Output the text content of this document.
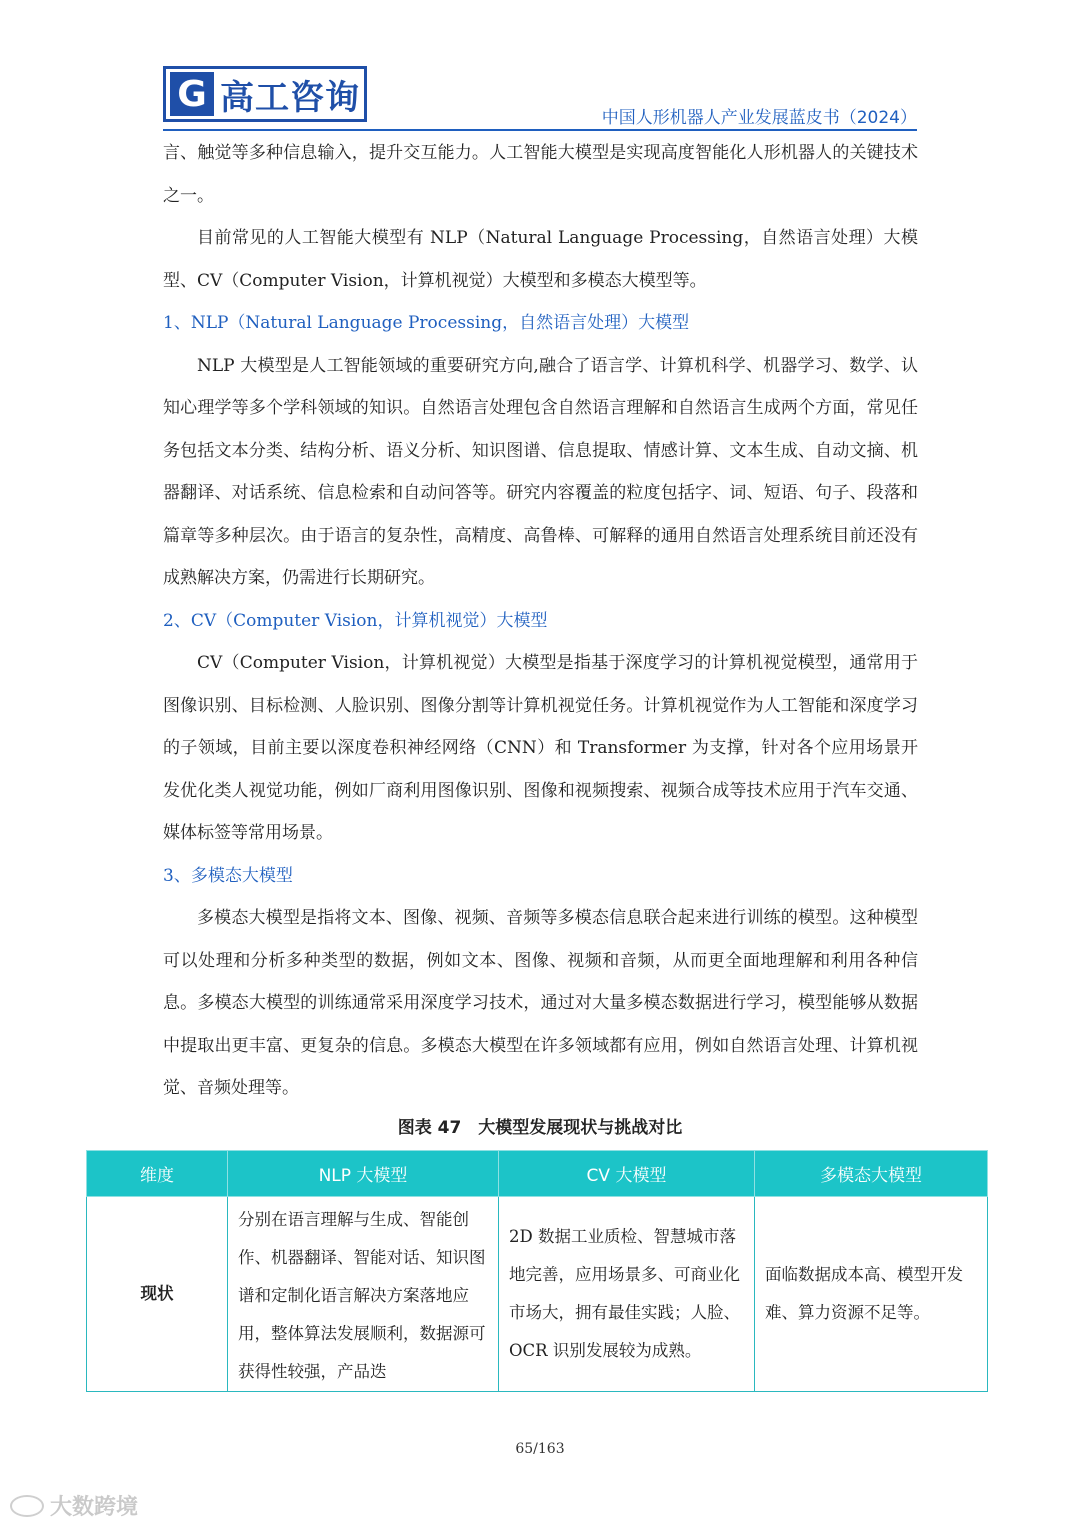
G 高工咨询
中国人形机器人产业发展蓝皮书（2024）

言、触觉等多种信息输入，提升交互能力。人工智能大模型是实现高度智能化人形机器人的关键技术之一。

目前常见的人工智能大模型有 NLP（Natural Language Processing，自然语言处理）大模型、CV（Computer Vision，计算机视觉）大模型和多模态大模型等。

1、NLP（Natural Language Processing，自然语言处理）大模型

NLP 大模型是人工智能领域的重要研究方向,融合了语言学、计算机科学、机器学习、数学、认知心理学等多个学科领域的知识。自然语言处理包含自然语言理解和自然语言生成两个方面，常见任务包括文本分类、结构分析、语义分析、知识图谱、信息提取、情感计算、文本生成、自动文摘、机器翻译、对话系统、信息检索和自动问答等。研究内容覆盖的粒度包括字、词、短语、句子、段落和篇章等多种层次。由于语言的复杂性，高精度、高鲁棒、可解释的通用自然语言处理系统目前还没有成熟解决方案，仍需进行长期研究。

2、CV（Computer Vision，计算机视觉）大模型

CV（Computer Vision，计算机视觉）大模型是指基于深度学习的计算机视觉模型，通常用于图像识别、目标检测、人脸识别、图像分割等计算机视觉任务。计算机视觉作为人工智能和深度学习的子领域，目前主要以深度卷积神经网络（CNN）和 Transformer 为支撑，针对各个应用场景开发优化类人视觉功能，例如厂商利用图像识别、图像和视频搜索、视频合成等技术应用于汽车交通、媒体标签等常用场景。

3、多模态大模型

多模态大模型是指将文本、图像、视频、音频等多模态信息联合起来进行训练的模型。这种模型可以处理和分析多种类型的数据，例如文本、图像、视频和音频，从而更全面地理解和利用各种信息。多模态大模型的训练通常采用深度学习技术，通过对大量多模态数据进行学习，模型能够从数据中提取出更丰富、更复杂的信息。多模态大模型在许多领域都有应用，例如自然语言处理、计算机视觉、音频处理等。

图表 47　大模型发展现状与挑战对比
维度	NLP 大模型	CV 大模型	多模态大模型
现状	分别在语言理解与生成、智能创作、机器翻译、智能对话、知识图谱和定制化语言解决方案落地应用，整体算法发展顺利，数据源可获得性较强，产品迭	2D 数据工业质检、智慧城市落地完善，应用场景多、可商业化市场大，拥有最佳实践；人脸、OCR 识别发展较为成熟。	面临数据成本高、模型开发难、算力资源不足等。
65/163
大数跨境
